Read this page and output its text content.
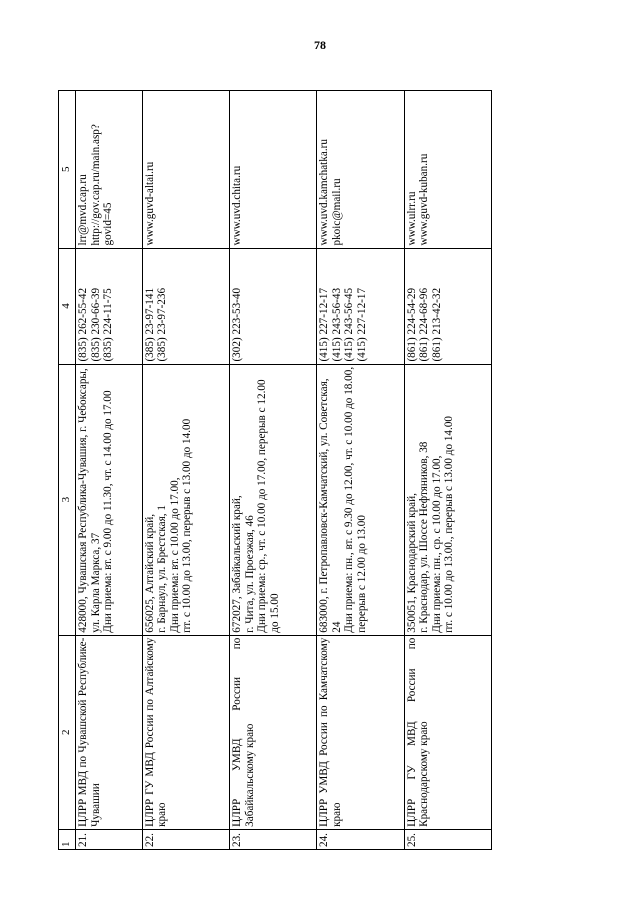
78
1	2	3	4	5
21.	ЦЛРР МВД по Чувашской Республике-Чувашии	428000, Чувашская Республика-Чувашия, г. Чебоксары, ул. Карла Маркса, 37 Дни приема: вт. с 9.00 до 11.30, чт. с 14.00 до 17.00	(835) 262-55-42 (835) 230-66-39 (835) 224-11-75	lrr@mvd.cap.ru http://gov.cap.ru/main.asp?govid=45

22.	ЦЛРР ГУ МВД России по Алтайскому краю	656025, Алтайский край, г. Барнаул, ул. Брестская, 1 Дни приема: вт. с 10.00 до 17.00, пт. с 10.00 до 13.00, перерыв с 13.00 до 14.00	(385) 23-97-141 (385) 23-97-236	www.guvd-altai.ru

23.	ЦЛРР УМВД России по Забайкальскому краю	672027, Забайкальский край, г. Чита, ул. Проезжая, 46 Дни приема: ср., чт. с 10.00 до 17.00, перерыв с 12.00 до 15.00	(302) 223-53-40	www.uvd.chita.ru

24.	ЦЛРР УМВД России по Камчатскому краю	683000, г. Петропавловск-Камчатский, ул. Советская, 24 Дни приема: пн., вт. с 9.30 до 12.00, чт. с 10.00 до 18.00, перерыв с 12.00 до 13.00	(415) 227-12-17 (415) 243-56-43 (415) 243-56-45 (415) 227-12-17	www.uvd.kamchatka.ru pkoic@mail.ru

25.	ЦЛРР ГУ МВД России по Краснодарскому краю	350051, Краснодарский край, г. Краснодар, ул. Шоссе Нефтяников, 38 Дни приема: пн., ср. с 10.00 до 17.00, пт. с 10.00 до 13.00., перерыв с 13.00 до 14.00	(861) 224-54-29 (861) 224-68-96 (861) 213-42-32	www.ulrr.ru www.guvd-kuban.ru
